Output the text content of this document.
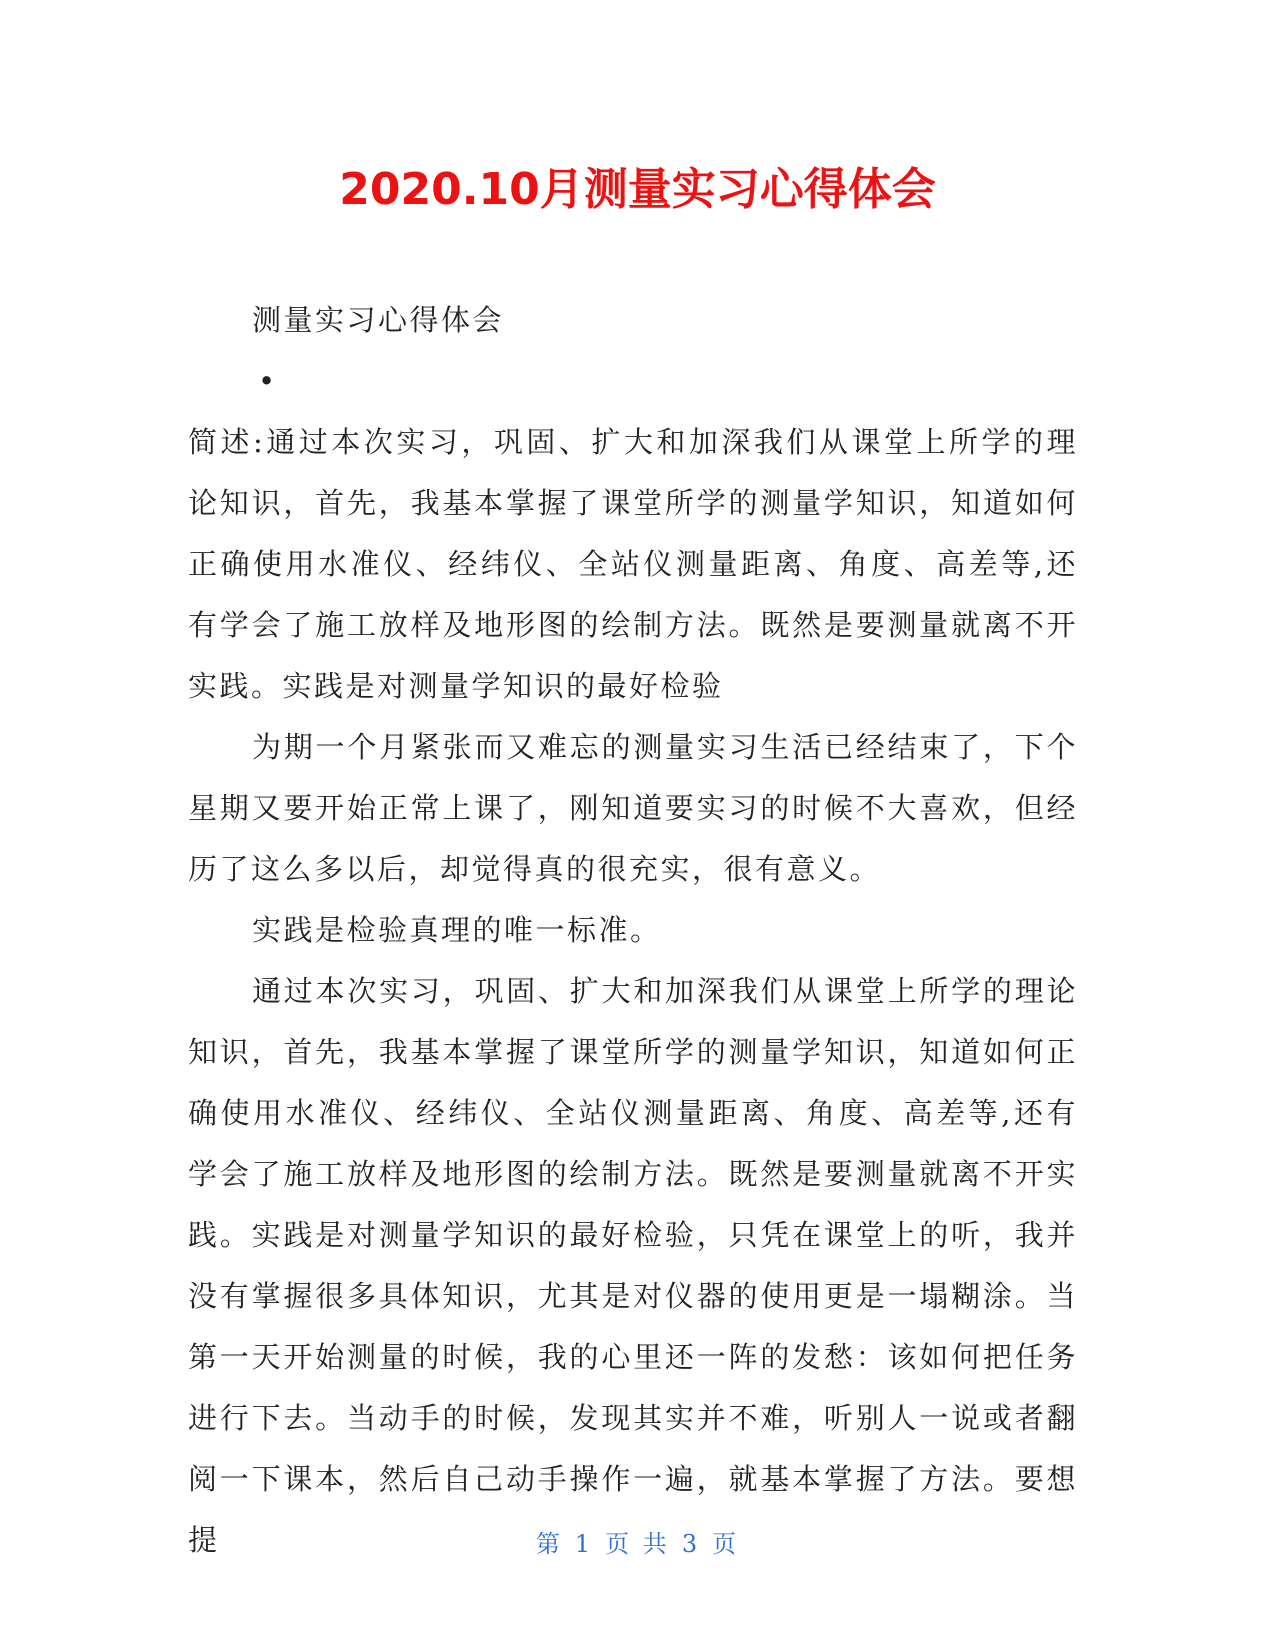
2020.10月测量实习心得体会

测量实习心得体会

•

简述:通过本次实习，巩固、扩大和加深我们从课堂上所学的理论知识，首先，我基本掌握了课堂所学的测量学知识，知道如何正确使用水准仪、经纬仪、全站仪测量距离、角度、高差等,还有学会了施工放样及地形图的绘制方法。既然是要测量就离不开实践。实践是对测量学知识的最好检验

为期一个月紧张而又难忘的测量实习生活已经结束了，下个星期又要开始正常上课了，刚知道要实习的时候不大喜欢，但经历了这么多以后，却觉得真的很充实，很有意义。

实践是检验真理的唯一标准。

通过本次实习，巩固、扩大和加深我们从课堂上所学的理论知识，首先，我基本掌握了课堂所学的测量学知识，知道如何正确使用水准仪、经纬仪、全站仪测量距离、角度、高差等,还有学会了施工放样及地形图的绘制方法。既然是要测量就离不开实践。实践是对测量学知识的最好检验，只凭在课堂上的听，我并没有掌握很多具体知识，尤其是对仪器的使用更是一塌糊涂。当第一天开始测量的时候，我的心里还一阵的发愁：该如何把任务进行下去。当动手的时候，发现其实并不难，听别人一说或者翻阅一下课本，然后自己动手操作一遍，就基本掌握了方法。要想提	第 1 页 共 3 页
